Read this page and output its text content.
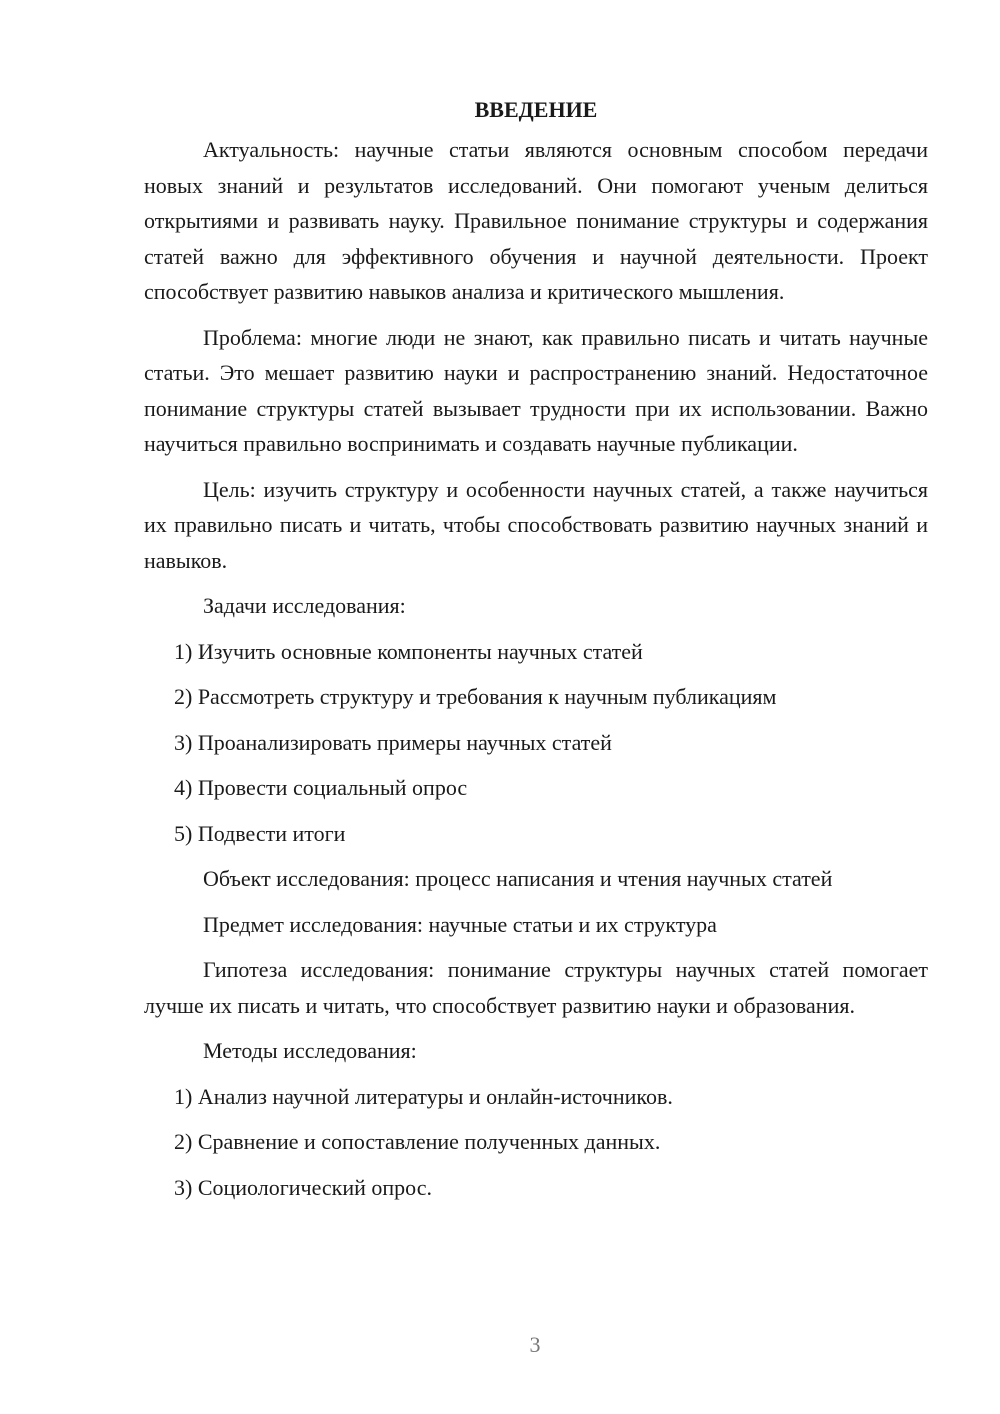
ВВЕДЕНИЕ

Актуальность: научные статьи являются основным способом передачи новых знаний и результатов исследований. Они помогают ученым делиться открытиями и развивать науку. Правильное понимание структуры и содержания статей важно для эффективного обучения и научной деятельности. Проект способствует развитию навыков анализа и критического мышления.

Проблема: многие люди не знают, как правильно писать и читать научные статьи. Это мешает развитию науки и распространению знаний. Недостаточное понимание структуры статей вызывает трудности при их использовании. Важно научиться правильно воспринимать и создавать научные публикации.

Цель: изучить структуру и особенности научных статей, а также научиться их правильно писать и читать, чтобы способствовать развитию научных знаний и навыков.

Задачи исследования:

1) Изучить основные компоненты научных статей
2) Рассмотреть структуру и требования к научным публикациям
3) Проанализировать примеры научных статей
4) Провести социальный опрос
5) Подвести итоги

Объект исследования: процесс написания и чтения научных статей

Предмет исследования: научные статьи и их структура

Гипотеза исследования: понимание структуры научных статей помогает лучше их писать и читать, что способствует развитию науки и образования.

Методы исследования:

1) Анализ научной литературы и онлайн-источников.
2) Сравнение и сопоставление полученных данных.
3) Социологический опрос.
3
